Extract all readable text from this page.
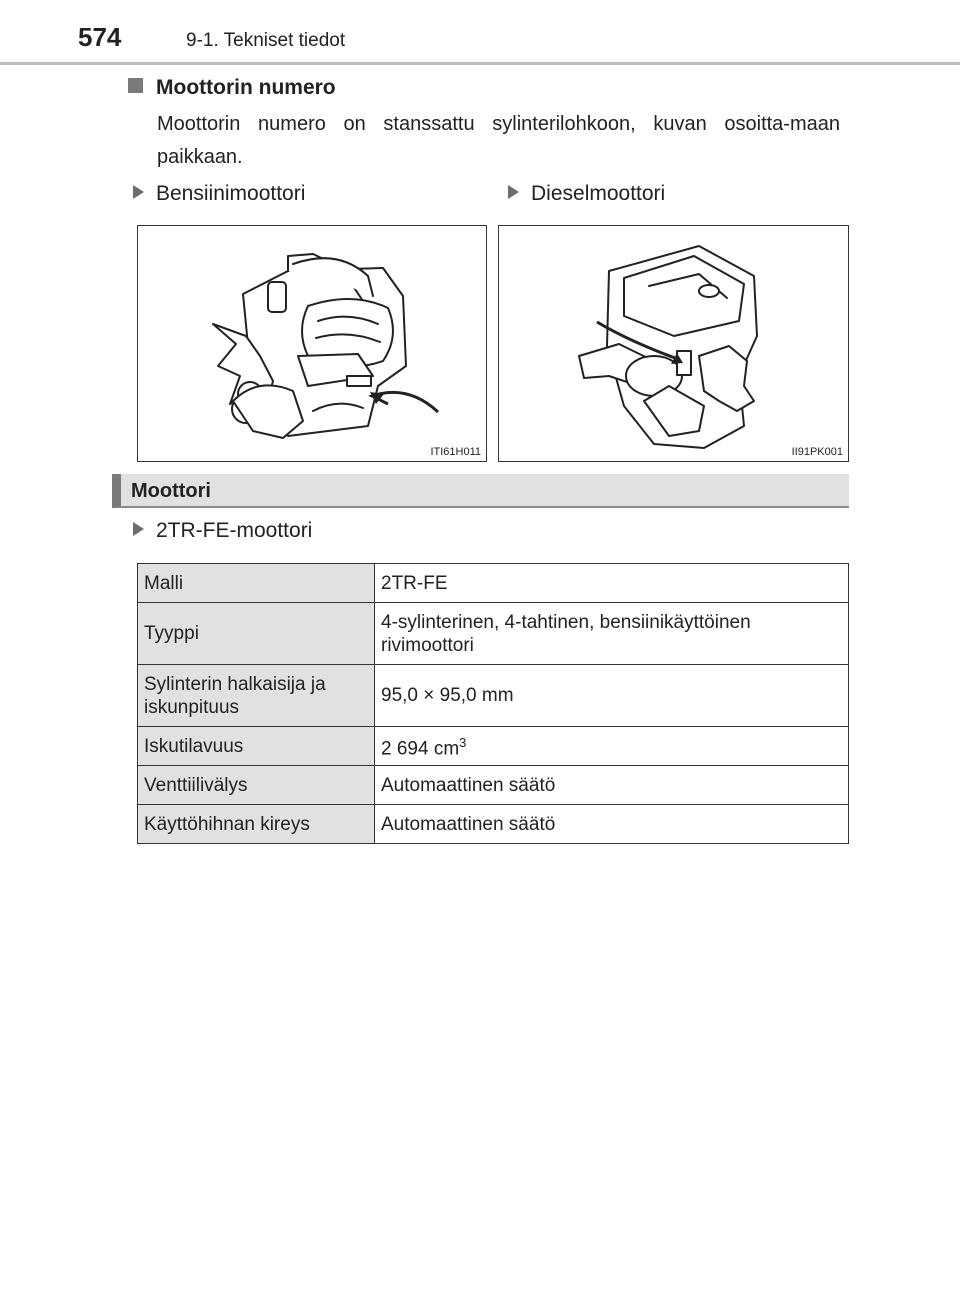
574	9-1. Tekniset tiedot
Moottorin numero
Moottorin numero on stanssattu sylinterilohkoon, kuvan osoitta-maan paikkaan.
Bensiinimoottori	Dieselmoottori
ITI61H011	II91PK001
Moottori
2TR-FE-moottori
Malli	2TR-FE
Tyyppi	4-sylinterinen, 4-tahtinen, bensiinikäyttöinen rivimoottori
Sylinterin halkaisija ja iskunpituus	95,0 × 95,0 mm
Iskutilavuus	2 694 $cm^3$
Venttiilivälys	Automaattinen säätö
Käyttöhihnan kireys	Automaattinen säätö
